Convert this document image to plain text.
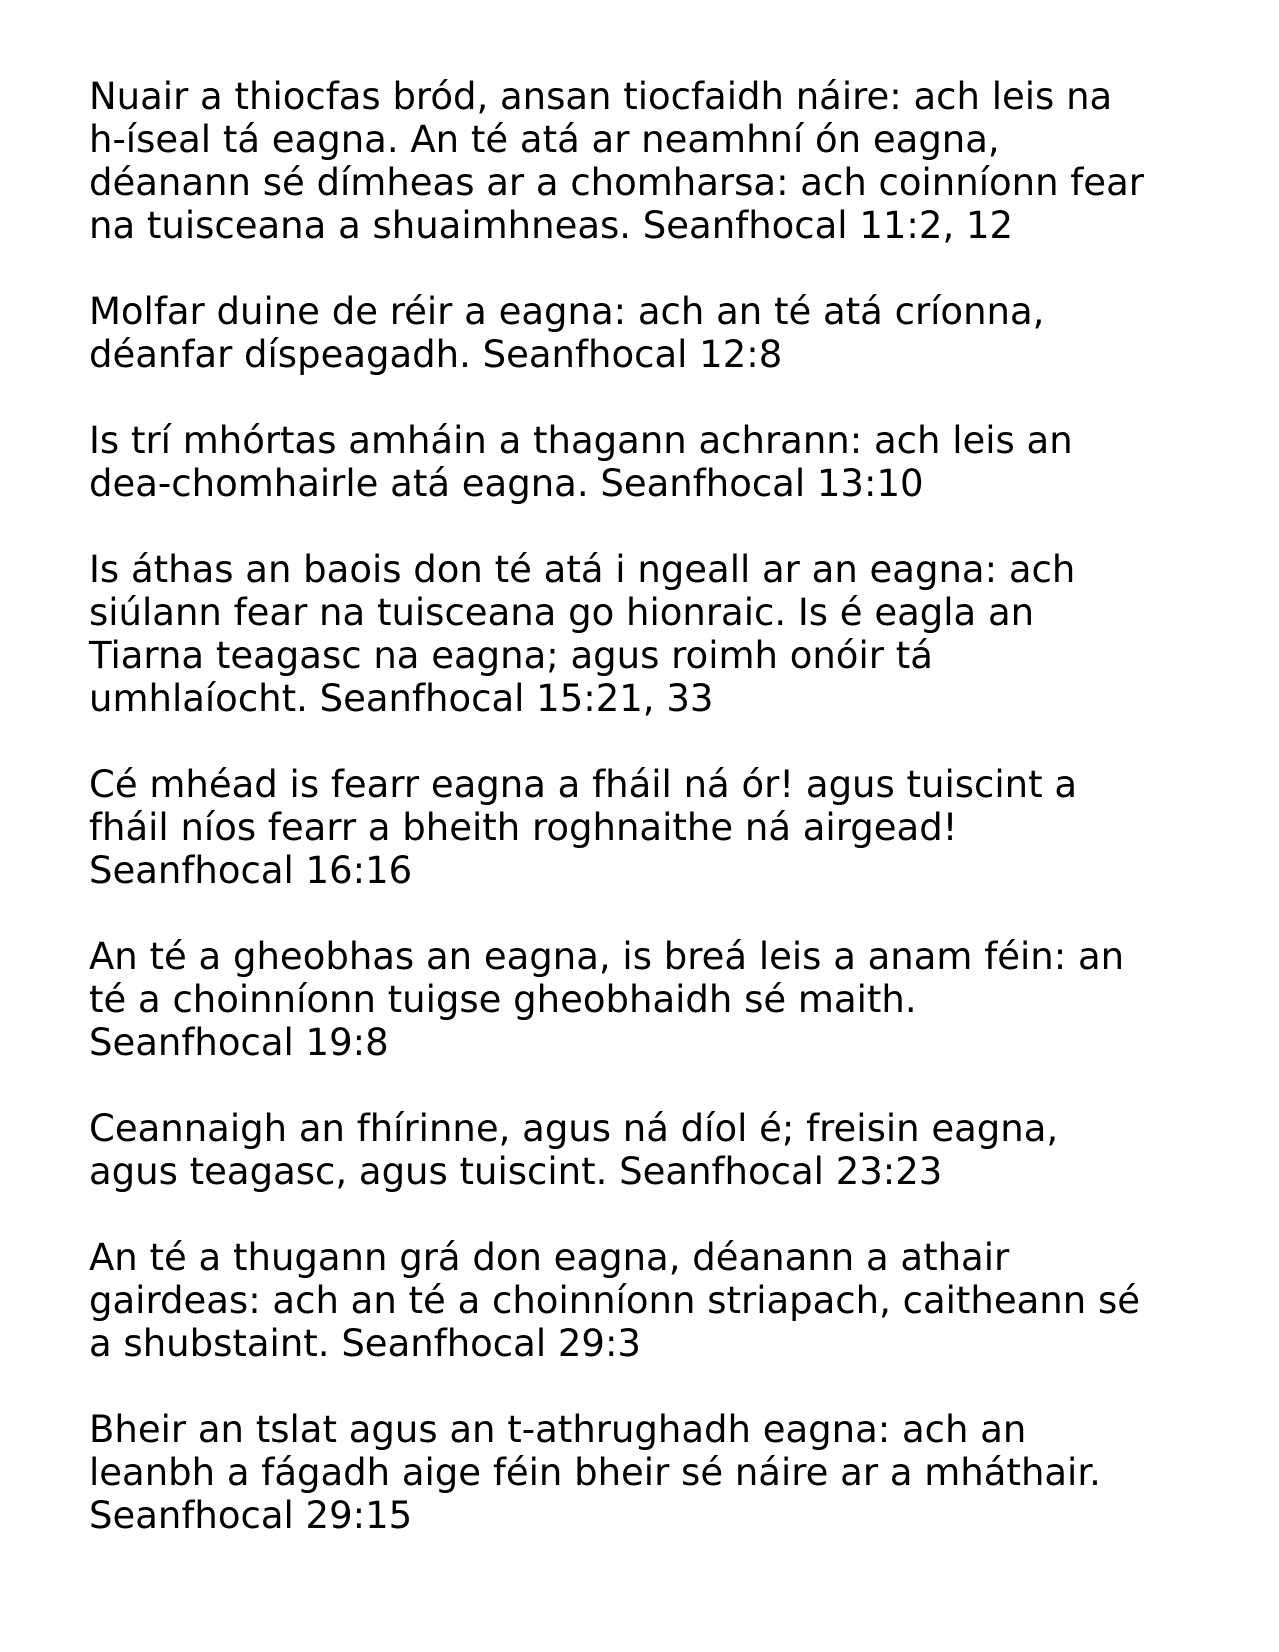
Nuair a thiocfas bród, ansan tiocfaidh náire: ach leis na
h-íseal tá eagna. An té atá ar neamhní ón eagna,
déanann sé dímheas ar a chomharsa: ach coinníonn fear
na tuisceana a shuaimhneas. Seanfhocal 11:2, 12

Molfar duine de réir a eagna: ach an té atá críonna,
déanfar díspeagadh. Seanfhocal 12:8

Is trí mhórtas amháin a thagann achrann: ach leis an
dea-chomhairle atá eagna. Seanfhocal 13:10

Is áthas an baois don té atá i ngeall ar an eagna: ach
siúlann fear na tuisceana go hionraic. Is é eagla an
Tiarna teagasc na eagna; agus roimh onóir tá
umhlaíocht. Seanfhocal 15:21, 33

Cé mhéad is fearr eagna a fháil ná ór! agus tuiscint a
fháil níos fearr a bheith roghnaithe ná airgead!
Seanfhocal 16:16

An té a gheobhas an eagna, is breá leis a anam féin: an
té a choinníonn tuigse gheobhaidh sé maith.
Seanfhocal 19:8

Ceannaigh an fhírinne, agus ná díol é; freisin eagna,
agus teagasc, agus tuiscint. Seanfhocal 23:23

An té a thugann grá don eagna, déanann a athair
gairdeas: ach an té a choinníonn striapach, caitheann sé
a shubstaint. Seanfhocal 29:3

Bheir an tslat agus an t-athrughadh eagna: ach an
leanbh a fágadh aige féin bheir sé náire ar a mháthair.
Seanfhocal 29:15
